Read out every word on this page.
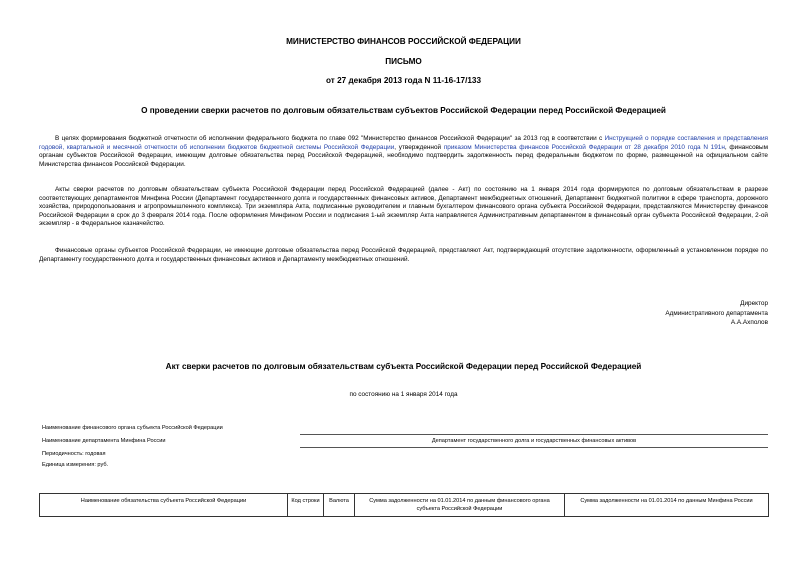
МИНИСТЕРСТВО ФИНАНСОВ РОССИЙСКОЙ ФЕДЕРАЦИИ
ПИСЬМО
от 27 декабря 2013 года N 11-16-17/133
О проведении сверки расчетов по долговым обязательствам субъектов Российской Федерации перед Российской Федерацией
В целях формирования бюджетной отчетности об исполнении федерального бюджета по главе 092 "Министерство финансов Российской Федерации" за 2013 год в соответствии с Инструкцией о порядке составления и представления годовой, квартальной и месячной отчетности об исполнении бюджетов бюджетной системы Российской Федерации, утвержденной приказом Министерства финансов Российской Федерации от 28 декабря 2010 года N 191н, финансовым органам субъектов Российской Федерации, имеющим долговые обязательства перед Российской Федерацией, необходимо подтвердить задолженность перед федеральным бюджетом по форме, размещенной на официальном сайте Министерства финансов Российской Федерации.
Акты сверки расчетов по долговым обязательствам субъекта Российской Федерации перед Российской Федерацией (далее - Акт) по состоянию на 1 января 2014 года формируются по долговым обязательствам в разрезе соответствующих департаментов Минфина России (Департамент государственного долга и государственных финансовых активов, Департамент межбюджетных отношений, Департамент бюджетной политики в сфере транспорта, дорожного хозяйства, природопользования и агропромышленного комплекса). Три экземпляра Акта, подписанные руководителем и главным бухгалтером финансового органа субъекта Российской Федерации, представляются Министерству финансов Российской Федерации в срок до 3 февраля 2014 года. После оформления Минфином России и подписания 1-ый экземпляр Акта направляется Административным департаментом в финансовый орган субъекта Российской Федерации, 2-ой экземпляр - в Федеральное казначейство.
Финансовые органы субъектов Российской Федерации, не имеющие долговые обязательства перед Российской Федерацией, представляют Акт, подтверждающий отсутствие задолженности, оформленный в установленном порядке по Департаменту государственного долга и государственных финансовых активов и Департаменту межбюджетных отношений.
Директор
Административного департамента
А.А.Ахполов
Акт сверки расчетов по долговым обязательствам субъекта Российской Федерации перед Российской Федерацией
по состоянию на 1 января 2014 года
Наименование финансового органа субъекта Российской Федерации
Наименование департамента Минфина России	Департамент государственного долга и государственных финансовых активов
Периодичность: годовая
Единица измерения: руб.
Наименование обязательства субъекта Российской Федерации	Код строки	Валюта	Сумма задолженности на 01.01.2014 по данным финансового органа субъекта Российской Федерации	Сумма задолженности на 01.01.2014 по данным Минфина России
